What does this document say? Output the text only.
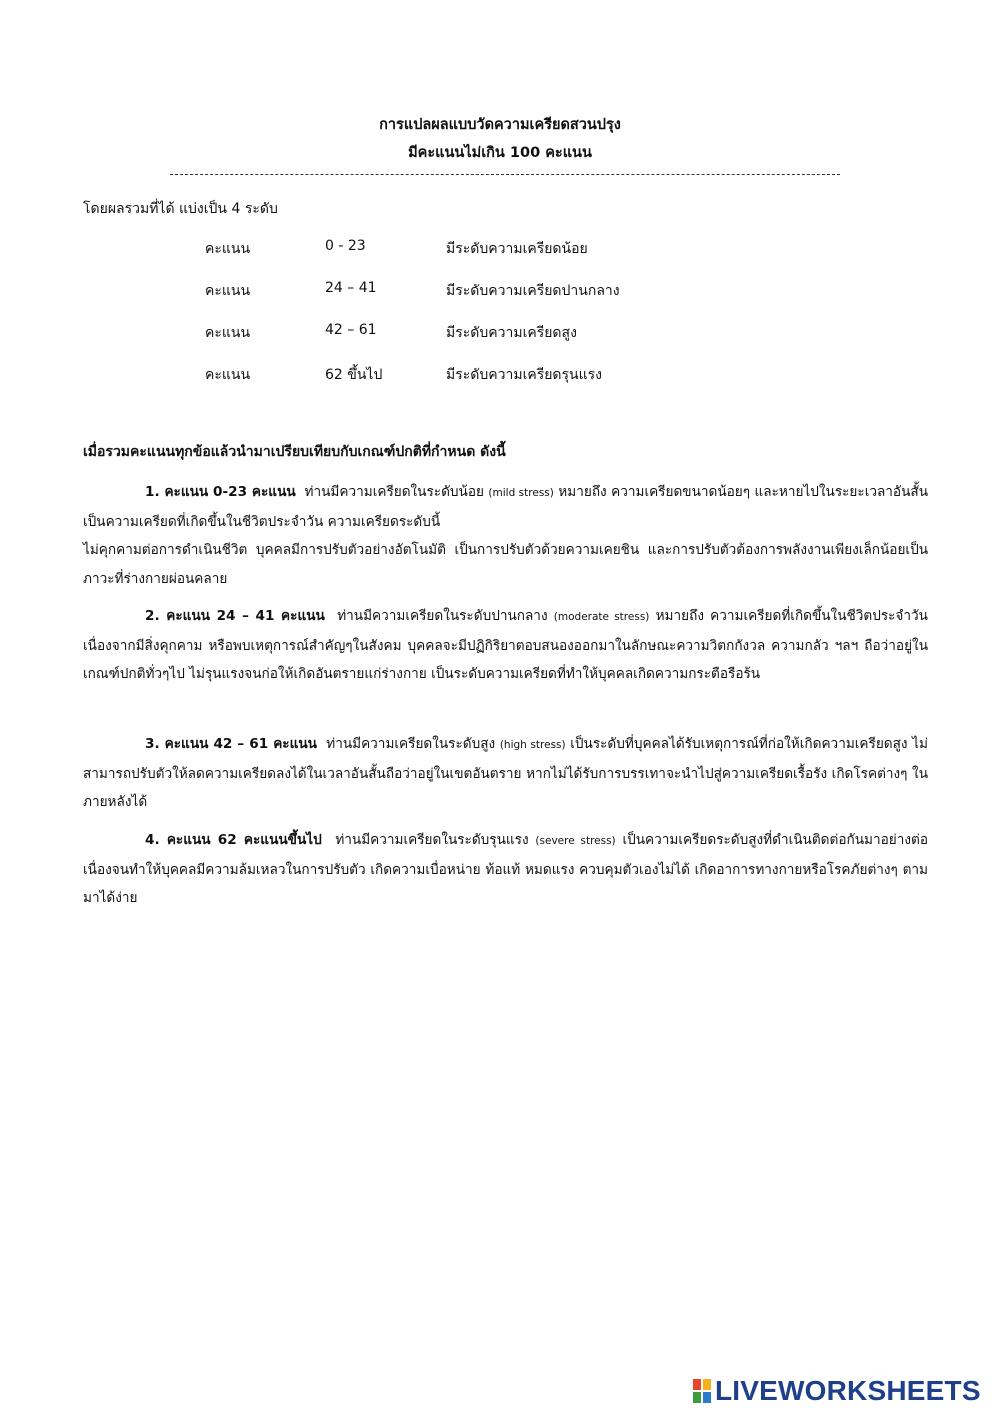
การแปลผลแบบวัดความเครียดสวนปรุง
มีคะแนนไม่เกิน 100 คะแนน
โดยผลรวมที่ได้ แบ่งเป็น 4 ระดับ
คะแนน	0 - 23	มีระดับความเครียดน้อย
คะแนน	24 – 41	มีระดับความเครียดปานกลาง
คะแนน	42 – 61	มีระดับความเครียดสูง
คะแนน	62 ขึ้นไป	มีระดับความเครียดรุนแรง
เมื่อรวมคะแนนทุกข้อแล้วนำมาเปรียบเทียบกับเกณฑ์ปกติที่กำหนด ดังนี้
1. คะแนน 0-23 คะแนน ท่านมีความเครียดในระดับน้อย (mild stress) หมายถึง ความเครียดขนาดน้อยๆ และหายไปในระยะเวลาอันสั้น เป็นความเครียดที่เกิดขึ้นในชีวิตประจำวัน ความเครียดระดับนี้
ไม่คุกคามต่อการดำเนินชีวิต บุคคลมีการปรับตัวอย่างอัตโนมัติ เป็นการปรับตัวด้วยความเคยชิน และการปรับตัวต้องการพลังงานเพียงเล็กน้อยเป็นภาวะที่ร่างกายผ่อนคลาย
2. คะแนน 24 – 41 คะแนน ท่านมีความเครียดในระดับปานกลาง (moderate stress) หมายถึง ความเครียดที่เกิดขึ้นในชีวิตประจำวันเนื่องจากมีสิ่งคุกคาม หรือพบเหตุการณ์สำคัญๆในสังคม บุคคลจะมีปฏิกิริยาตอบสนองออกมาในลักษณะความวิตกกังวล ความกลัว ฯลฯ ถือว่าอยู่ในเกณฑ์ปกติทั่วๆไป ไม่รุนแรงจนก่อให้เกิดอันตรายแก่ร่างกาย เป็นระดับความเครียดที่ทำให้บุคคลเกิดความกระตือรือร้น
3. คะแนน 42 – 61 คะแนน ท่านมีความเครียดในระดับสูง (high stress) เป็นระดับที่บุคคลได้รับเหตุการณ์ที่ก่อให้เกิดความเครียดสูง ไม่สามารถปรับตัวให้ลดความเครียดลงได้ในเวลาอันสั้นถือว่าอยู่ในเขตอันตราย หากไม่ได้รับการบรรเทาจะนำไปสู่ความเครียดเรื้อรัง เกิดโรคต่างๆ ในภายหลังได้
4. คะแนน 62 คะแนนขึ้นไป ท่านมีความเครียดในระดับรุนแรง (severe stress) เป็นความเครียดระดับสูงที่ดำเนินติดต่อกันมาอย่างต่อเนื่องจนทำให้บุคคลมีความล้มเหลวในการปรับตัว เกิดความเบื่อหน่าย ท้อแท้ หมดแรง ควบคุมตัวเองไม่ได้ เกิดอาการทางกายหรือโรคภัยต่างๆ ตามมาได้ง่าย
LIVEWORKSHEETS
